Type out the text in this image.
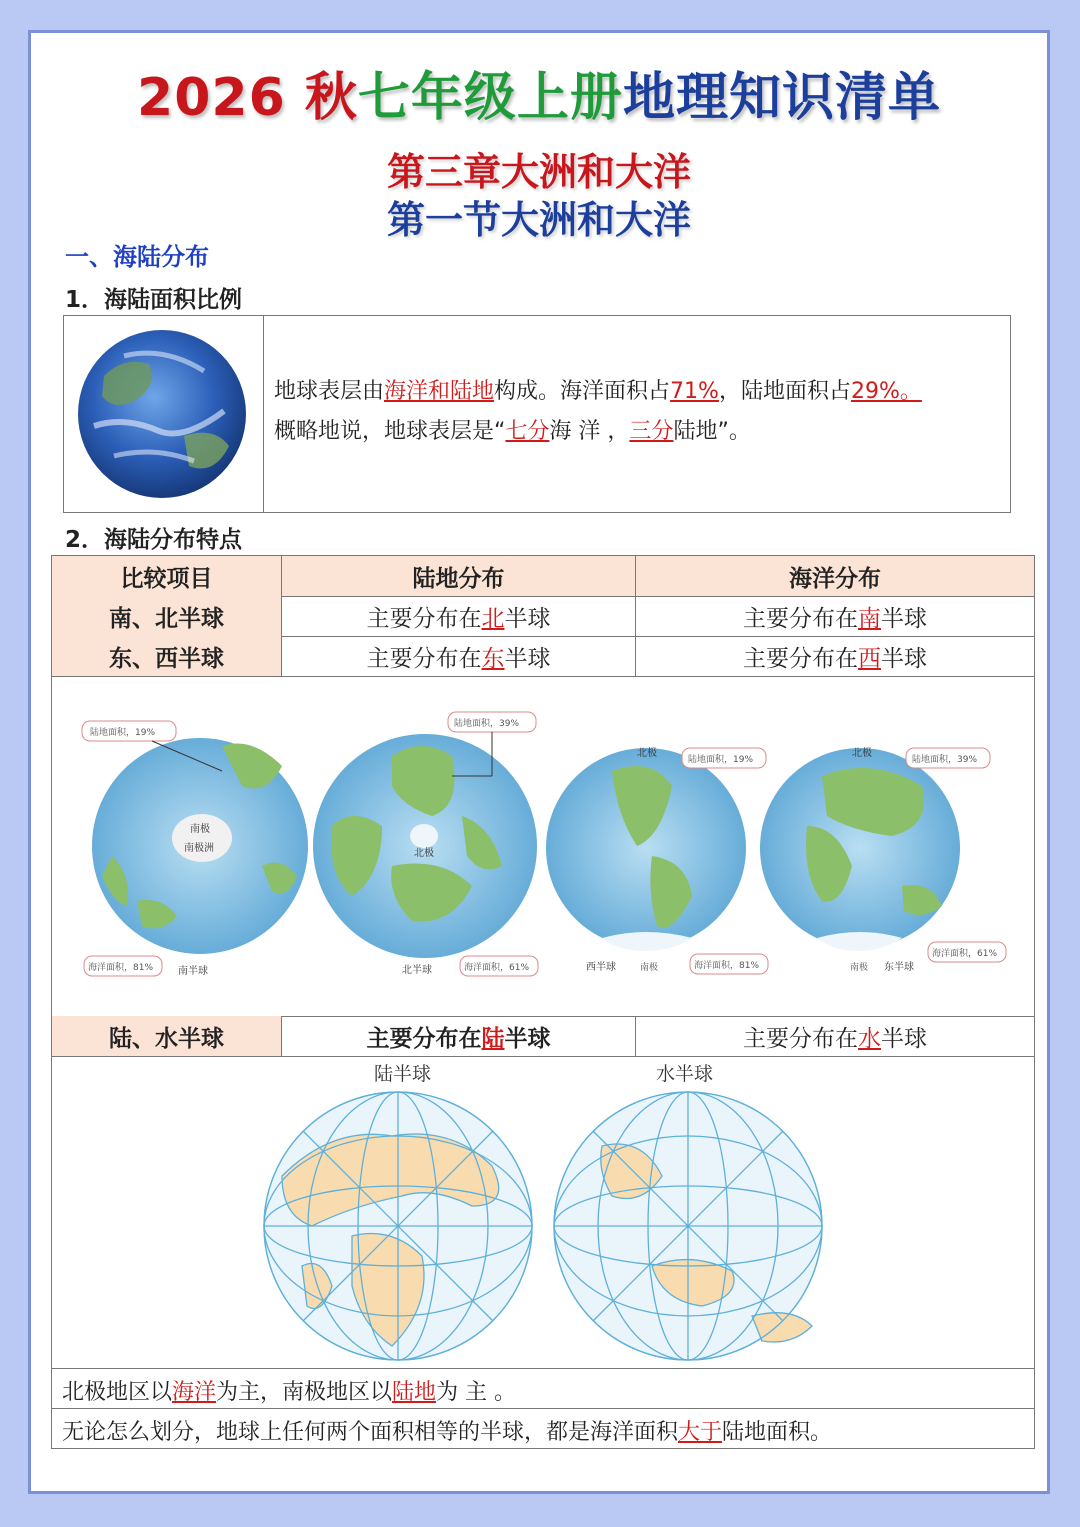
2026 秋七年级上册地理知识清单
第三章大洲和大洋
第一节大洲和大洋
一、海陆分布
1．海陆面积比例
地球表层由海洋和陆地构成。海洋面积占71%，陆地面积占29%。
概略地说，地球表层是“七分海 洋 ，三分陆地”。
2．海陆分布特点
比较项目	陆地分布	海洋分布
南、北半球	主要分布在 北 半球	主要分布在 南 半球
东、西半球	主要分布在 东 半球	主要分布在 西 半球
南极
南极洲
陆地面积，19%
海洋面积，81% 南半球
北极
陆地面积，39%
北半球	海洋面积，61%
北极
陆地面积，19%
西半球	南极	海洋面积，81%
北极
陆地面积，39%
南极 东半球
海洋面积，61%
陆、水半球	主要分布在 陆 半球	主要分布在 水 半球
陆半球	水半球
北极地区以海洋为主，南极地区以陆地为 主 。
无论怎么划分，地球上任何两个面积相等的半球，都是海洋面积大于陆地面积。
